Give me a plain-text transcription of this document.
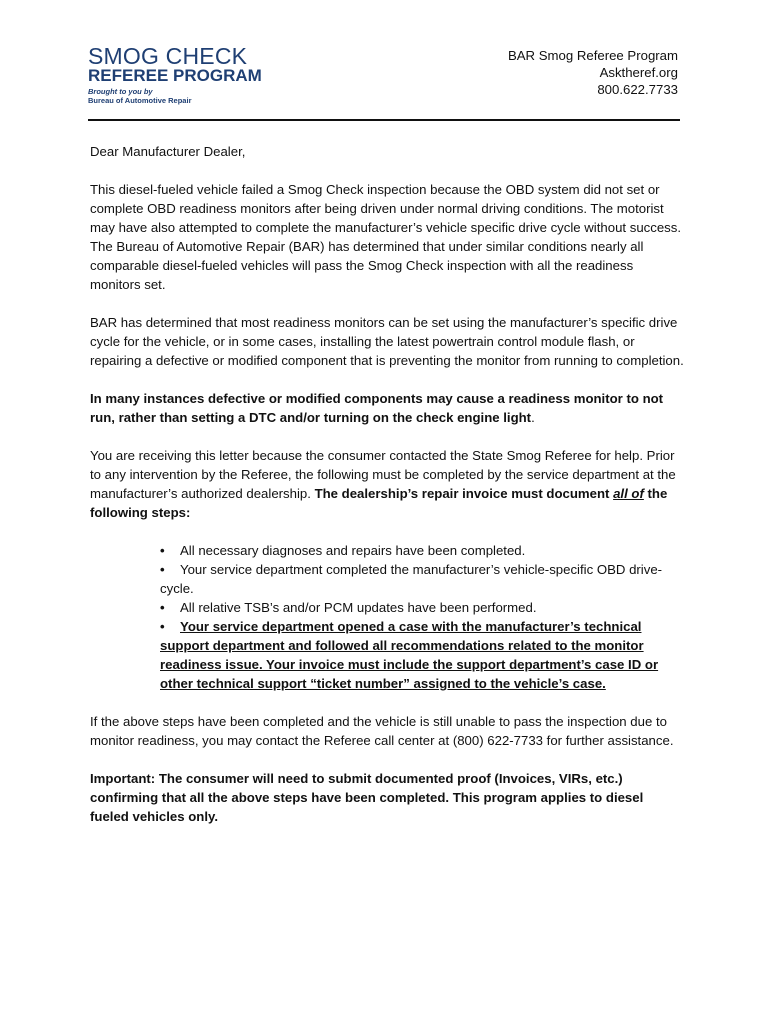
SMOG CHECK
REFEREE PROGRAM
Brought to you by
Bureau of Automotive Repair
BAR Smog Referee Program
Asktheref.org
800.622.7733

Dear Manufacturer Dealer,

This diesel-fueled vehicle failed a Smog Check inspection because the OBD system did not set or complete OBD readiness monitors after being driven under normal driving conditions. The motorist may have also attempted to complete the manufacturer’s vehicle specific drive cycle without success. The Bureau of Automotive Repair (BAR) has determined that under similar conditions nearly all comparable diesel-fueled vehicles will pass the Smog Check inspection with all the readiness monitors set.

BAR has determined that most readiness monitors can be set using the manufacturer’s specific drive cycle for the vehicle, or in some cases, installing the latest powertrain control module flash, or repairing a defective or modified component that is preventing the monitor from running to completion.

In many instances defective or modified components may cause a readiness monitor to not run, rather than setting a DTC and/or turning on the check engine light.

You are receiving this letter because the consumer contacted the State Smog Referee for help. Prior to any intervention by the Referee, the following must be completed by the service department at the manufacturer’s authorized dealership. The dealership’s repair invoice must document all of the following steps:

•	All necessary diagnoses and repairs have been completed.
• Your service department completed the manufacturer’s vehicle-specific OBD drive-cycle.
•	All relative TSB’s and/or PCM updates have been performed.
• Your service department opened a case with the manufacturer’s technical support department and followed all recommendations related to the monitor readiness issue. Your invoice must include the support department’s case ID or other technical support “ticket number” assigned to the vehicle’s case.

If the above steps have been completed and the vehicle is still unable to pass the inspection due to monitor readiness, you may contact the Referee call center at (800) 622-7733 for further assistance.

Important: The consumer will need to submit documented proof (Invoices, VIRs, etc.) confirming that all the above steps have been completed. This program applies to diesel fueled vehicles only.
